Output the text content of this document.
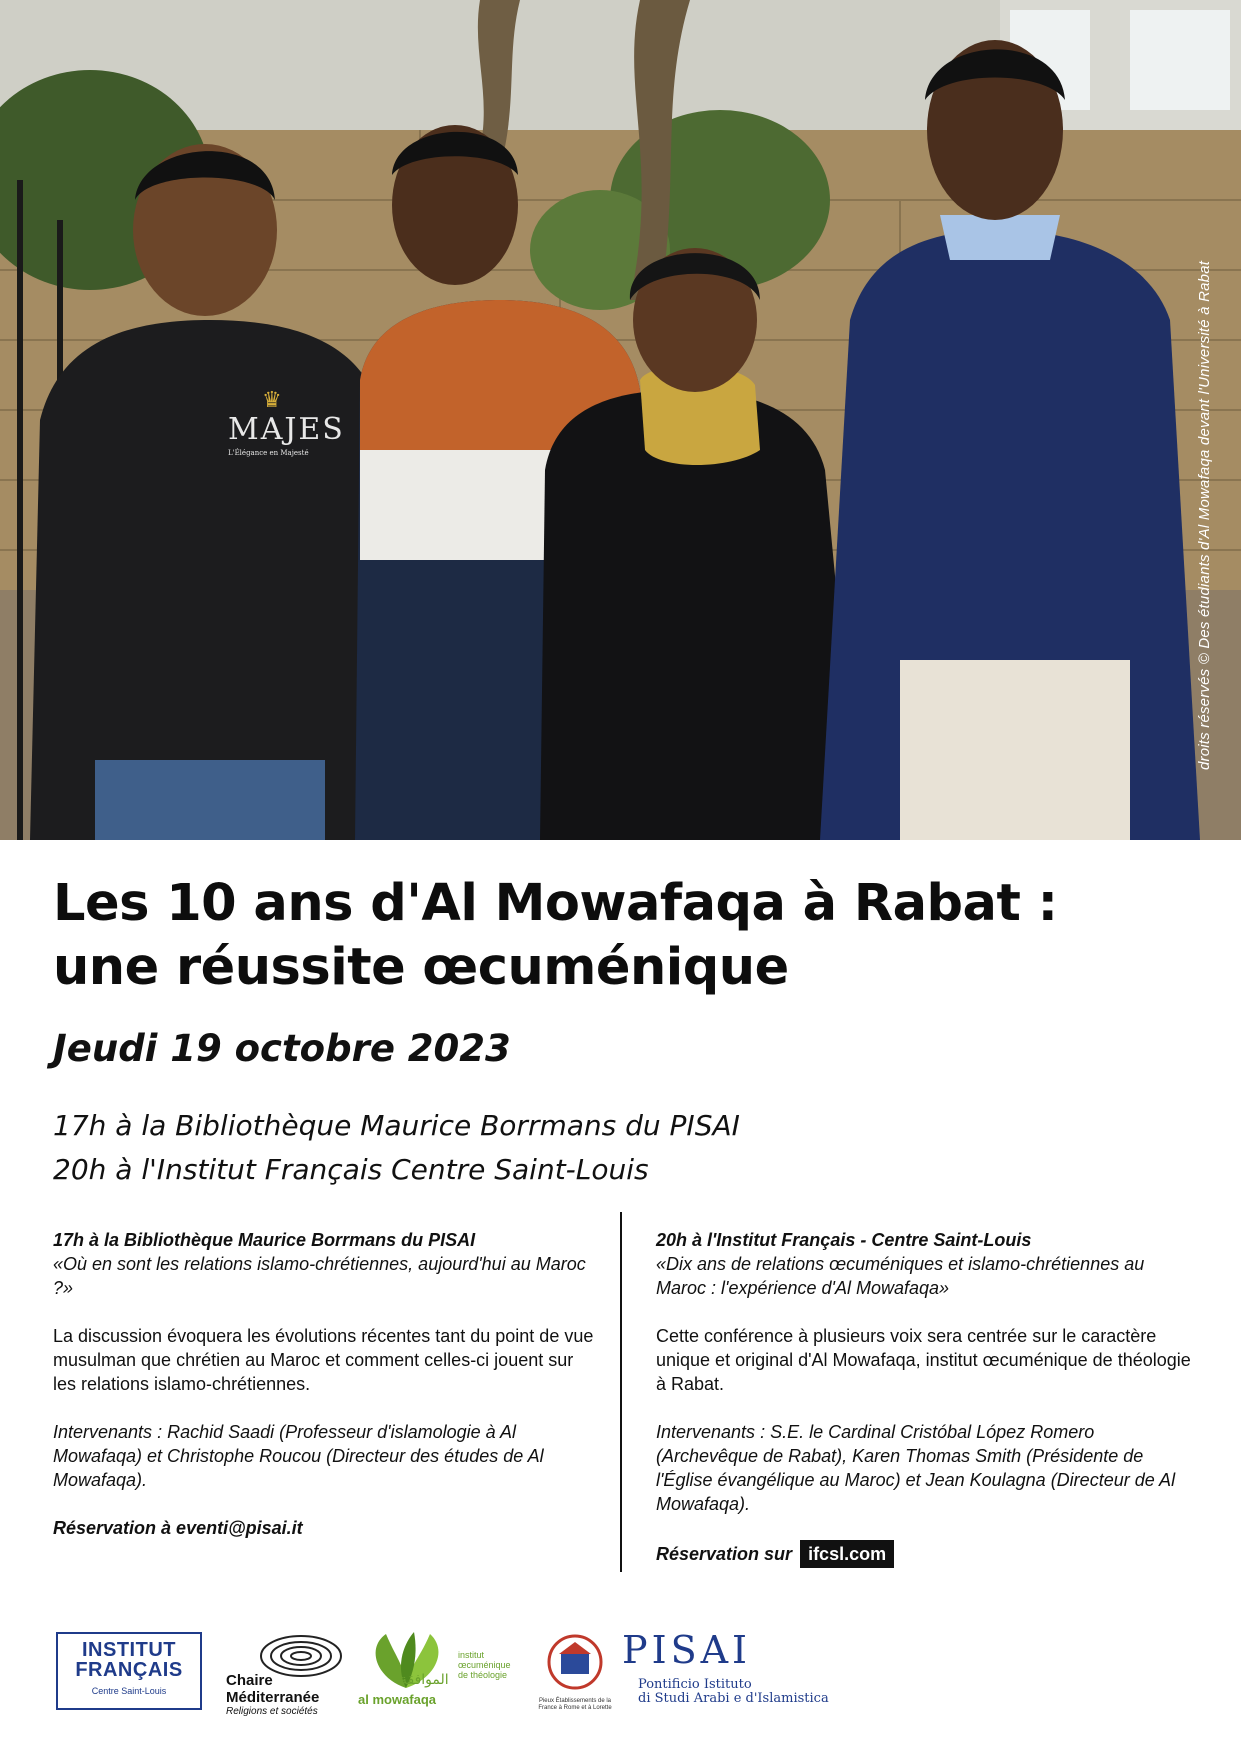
♛
MAJES
L'Élégance en Majesté	droits réservés © Des étudiants d'Al Mowafaqa devant l'Université à Rabat
Les 10 ans d'Al Mowafaqa à Rabat :
une réussite œcuménique
Jeudi 19 octobre 2023
17h à la Bibliothèque Maurice Borrmans du PISAI
20h à l'Institut Français Centre Saint-Louis

17h à la Bibliothèque Maurice Borrmans du PISAI

«Où en sont les relations islamo-chrétiennes, aujourd'hui au Maroc ?»

La discussion évoquera les évolutions récentes tant du point de vue musulman que chrétien au Maroc et comment celles-ci jouent sur les relations islamo-chrétiennes.

Intervenants : Rachid Saadi (Professeur d'islamologie à Al Mowafaqa) et Christophe Roucou (Directeur des études de Al Mowafaqa).

Réservation à eventi@pisai.it

20h à l'Institut Français - Centre Saint-Louis

«Dix ans de relations œcuméniques et islamo-chrétiennes au Maroc : l'expérience d'Al Mowafaqa»

Cette conférence à plusieurs voix sera centrée sur le caractère unique et original d'Al Mowafaqa, institut œcuménique de théologie à Rabat.

Intervenants : S.E. le Cardinal Cristóbal López Romero (Archevêque de Rabat), Karen Thomas Smith (Présidente de l'Église évangélique au Maroc) et Jean Koulagna (Directeur de Al Mowafaqa).

Réservation sur ifcsl.com

INSTITUT
FRANÇAIS
Centre Saint-Louis
Chaire
Méditerranée
Religions et sociétés
institut œcuménique de théologie
الموافقة
al mowafaqa	Pieux Établissements de la France à Rome et à Lorette
PISAI
Pontificio Istituto
di Studi Arabi e d'Islamistica
